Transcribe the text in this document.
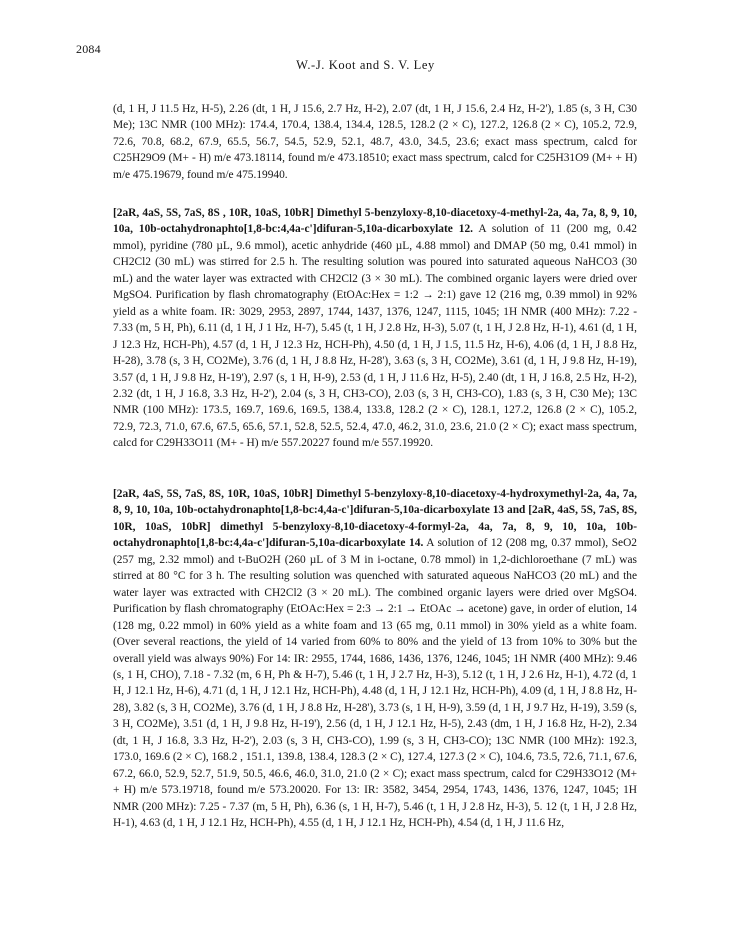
2084
W.-J. Koot and S. V. Ley

(d, 1 H, J 11.5 Hz, H-5), 2.26 (dt, 1 H, J 15.6, 2.7 Hz, H-2), 2.07 (dt, 1 H, J 15.6, 2.4 Hz, H-2'), 1.85 (s, 3 H, C30 Me); 13C NMR (100 MHz): 174.4, 170.4, 138.4, 134.4, 128.5, 128.2 (2 × C), 127.2, 126.8 (2 × C), 105.2, 72.9, 72.6, 70.8, 68.2, 67.9, 65.5, 56.7, 54.5, 52.9, 52.1, 48.7, 43.0, 34.5, 23.6; exact mass spectrum, calcd for C25H29O9 (M+ - H) m/e 473.18114, found m/e 473.18510; exact mass spectrum, calcd for C25H31O9 (M+ + H) m/e 475.19679, found m/e 475.19940.

[2aR, 4aS, 5S, 7aS, 8S , 10R, 10aS, 10bR] Dimethyl 5-benzyloxy-8,10-diacetoxy-4-methyl-2a, 4a, 7a, 8, 9, 10, 10a, 10b-octahydronaphto[1,8-bc:4,4a-c']difuran-5,10a-dicarboxylate 12. A solution of 11 (200 mg, 0.42 mmol), pyridine (780 µL, 9.6 mmol), acetic anhydride (460 µL, 4.88 mmol) and DMAP (50 mg, 0.41 mmol) in CH2Cl2 (30 mL) was stirred for 2.5 h. The resulting solution was poured into saturated aqueous NaHCO3 (30 mL) and the water layer was extracted with CH2Cl2 (3 × 30 mL). The combined organic layers were dried over MgSO4. Purification by flash chromatography (EtOAc:Hex = 1:2 → 2:1) gave 12 (216 mg, 0.39 mmol) in 92% yield as a white foam. IR: 3029, 2953, 2897, 1744, 1437, 1376, 1247, 1115, 1045; 1H NMR (400 MHz): 7.22 - 7.33 (m, 5 H, Ph), 6.11 (d, 1 H, J 1 Hz, H-7), 5.45 (t, 1 H, J 2.8 Hz, H-3), 5.07 (t, 1 H, J 2.8 Hz, H-1), 4.61 (d, 1 H, J 12.3 Hz, HCH-Ph), 4.57 (d, 1 H, J 12.3 Hz, HCH-Ph), 4.50 (d, 1 H, J 1.5, 11.5 Hz, H-6), 4.06 (d, 1 H, J 8.8 Hz, H-28), 3.78 (s, 3 H, CO2Me), 3.76 (d, 1 H, J 8.8 Hz, H-28'), 3.63 (s, 3 H, CO2Me), 3.61 (d, 1 H, J 9.8 Hz, H-19), 3.57 (d, 1 H, J 9.8 Hz, H-19'), 2.97 (s, 1 H, H-9), 2.53 (d, 1 H, J 11.6 Hz, H-5), 2.40 (dt, 1 H, J 16.8, 2.5 Hz, H-2), 2.32 (dt, 1 H, J 16.8, 3.3 Hz, H-2'), 2.04 (s, 3 H, CH3-CO), 2.03 (s, 3 H, CH3-CO), 1.83 (s, 3 H, C30 Me); 13C NMR (100 MHz): 173.5, 169.7, 169.6, 169.5, 138.4, 133.8, 128.2 (2 × C), 128.1, 127.2, 126.8 (2 × C), 105.2, 72.9, 72.3, 71.0, 67.6, 67.5, 65.6, 57.1, 52.8, 52.5, 52.4, 47.0, 46.2, 31.0, 23.6, 21.0 (2 × C); exact mass spectrum, calcd for C29H33O11 (M+ - H) m/e 557.20227 found m/e 557.19920.

[2aR, 4aS, 5S, 7aS, 8S, 10R, 10aS, 10bR] Dimethyl 5-benzyloxy-8,10-diacetoxy-4-hydroxymethyl-2a, 4a, 7a, 8, 9, 10, 10a, 10b-octahydronaphto[1,8-bc:4,4a-c']difuran-5,10a-dicarboxylate 13 and [2aR, 4aS, 5S, 7aS, 8S, 10R, 10aS, 10bR] dimethyl 5-benzyloxy-8,10-diacetoxy-4-formyl-2a, 4a, 7a, 8, 9, 10, 10a, 10b-octahydronaphto[1,8-bc:4,4a-c']difuran-5,10a-dicarboxylate 14. A solution of 12 (208 mg, 0.37 mmol), SeO2 (257 mg, 2.32 mmol) and t-BuO2H (260 µL of 3 M in i-octane, 0.78 mmol) in 1,2-dichloroethane (7 mL) was stirred at 80 °C for 3 h. The resulting solution was quenched with saturated aqueous NaHCO3 (20 mL) and the water layer was extracted with CH2Cl2 (3 × 20 mL). The combined organic layers were dried over MgSO4. Purification by flash chromatography (EtOAc:Hex = 2:3 → 2:1 → EtOAc → acetone) gave, in order of elution, 14 (128 mg, 0.22 mmol) in 60% yield as a white foam and 13 (65 mg, 0.11 mmol) in 30% yield as a white foam. (Over several reactions, the yield of 14 varied from 60% to 80% and the yield of 13 from 10% to 30% but the overall yield was always 90%) For 14: IR: 2955, 1744, 1686, 1436, 1376, 1246, 1045; 1H NMR (400 MHz): 9.46 (s, 1 H, CHO), 7.18 - 7.32 (m, 6 H, Ph & H-7), 5.46 (t, 1 H, J 2.7 Hz, H-3), 5.12 (t, 1 H, J 2.6 Hz, H-1), 4.72 (d, 1 H, J 12.1 Hz, H-6), 4.71 (d, 1 H, J 12.1 Hz, HCH-Ph), 4.48 (d, 1 H, J 12.1 Hz, HCH-Ph), 4.09 (d, 1 H, J 8.8 Hz, H-28), 3.82 (s, 3 H, CO2Me), 3.76 (d, 1 H, J 8.8 Hz, H-28'), 3.73 (s, 1 H, H-9), 3.59 (d, 1 H, J 9.7 Hz, H-19), 3.59 (s, 3 H, CO2Me), 3.51 (d, 1 H, J 9.8 Hz, H-19'), 2.56 (d, 1 H, J 12.1 Hz, H-5), 2.43 (dm, 1 H, J 16.8 Hz, H-2), 2.34 (dt, 1 H, J 16.8, 3.3 Hz, H-2'), 2.03 (s, 3 H, CH3-CO), 1.99 (s, 3 H, CH3-CO); 13C NMR (100 MHz): 192.3, 173.0, 169.6 (2 × C), 168.2 , 151.1, 139.8, 138.4, 128.3 (2 × C), 127.4, 127.3 (2 × C), 104.6, 73.5, 72.6, 71.1, 67.6, 67.2, 66.0, 52.9, 52.7, 51.9, 50.5, 46.6, 46.0, 31.0, 21.0 (2 × C); exact mass spectrum, calcd for C29H33O12 (M+ + H) m/e 573.19718, found m/e 573.20020. For 13: IR: 3582, 3454, 2954, 1743, 1436, 1376, 1247, 1045; 1H NMR (200 MHz): 7.25 - 7.37 (m, 5 H, Ph), 6.36 (s, 1 H, H-7), 5.46 (t, 1 H, J 2.8 Hz, H-3), 5. 12 (t, 1 H, J 2.8 Hz, H-1), 4.63 (d, 1 H, J 12.1 Hz, HCH-Ph), 4.55 (d, 1 H, J 12.1 Hz, HCH-Ph), 4.54 (d, 1 H, J 11.6 Hz,
